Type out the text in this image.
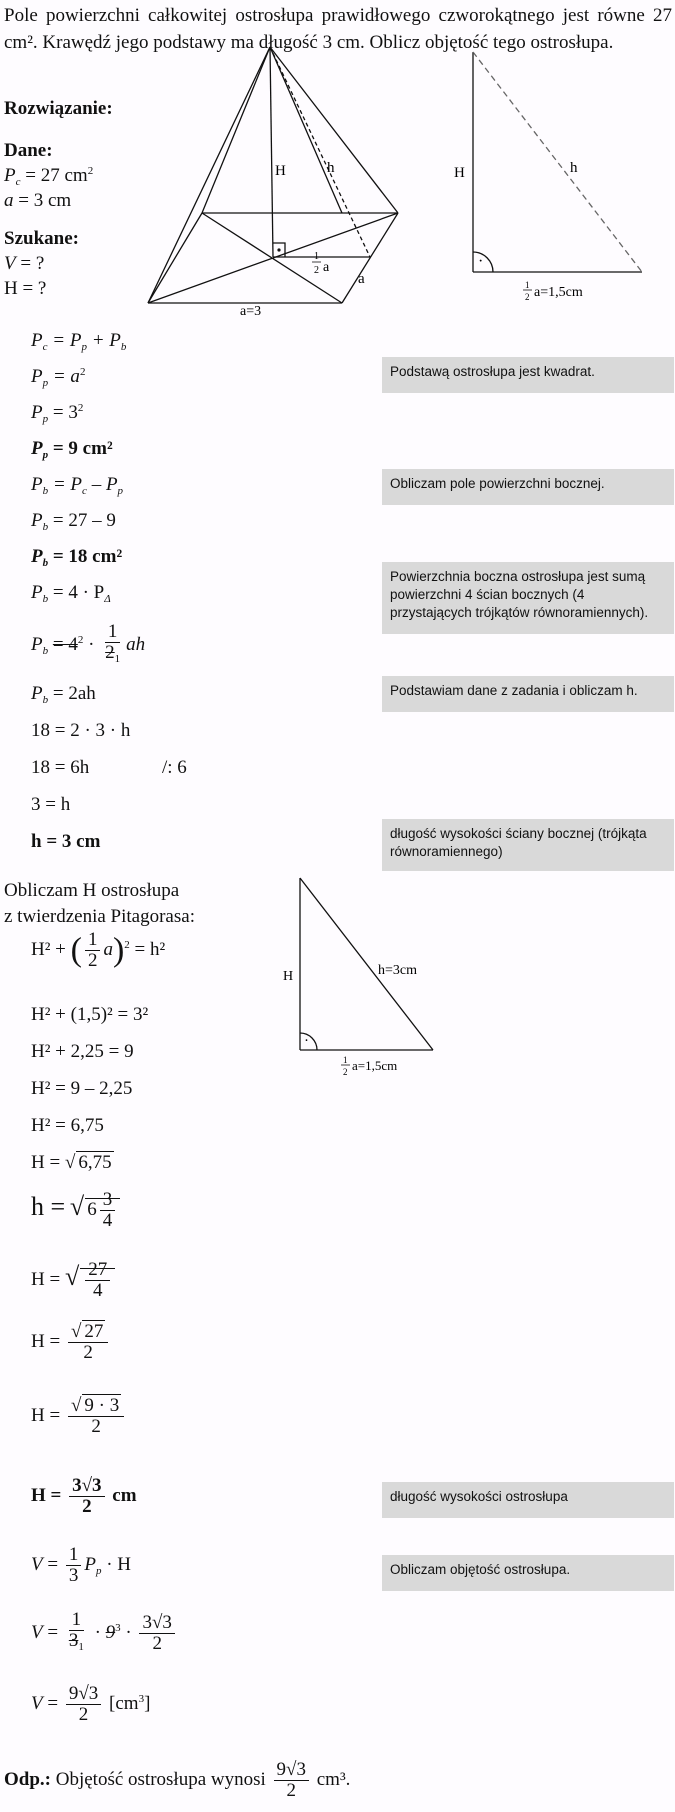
Pole powierzchni całkowitej ostrosłupa prawidłowego czworokątnego jest równe 27 cm². Krawędź jego podstawy ma długość 3 cm. Oblicz objętość tego ostrosłupa.
Rozwiązanie:
Dane:
$P_c = 27$ $cm^2$
a = 3 cm
Szukane:
V = ?
H = ?
H	h
1
2 a
a
a=3
·
H	h
1
2 a=1,5cm
$P_c = P_p + P_b$
$P_p = a^2$
$P_p = 3^2$
$P_p = 9$ cm²
$P_b = P_c - P_p$
$P_b = 27 - 9$
$P_b = 18$ cm²
$P_b = 4 \cdot P_\Delta$
$P_b = 4^2 \cdot \frac{1}{2_1}$ ah
$P_b = 2ah$
18 = 2 · 3 · h
18 = 6h	/: 6
3 = h
h = 3 cm
Podstawą ostrosłupa jest kwadrat.
Obliczam pole powierzchni bocznej.
Powierzchnia boczna ostrosłupa jest sumą powierzchni 4 ścian bocznych (4 przystających trójkątów równoramiennych).
Podstawiam dane z zadania i obliczam h.
długość wysokości ściany bocznej (trójkąta równoramiennego)
długość wysokości ostrosłupa
Obliczam objętość ostrosłupa.
Obliczam H ostrosłupa
z twierdzenia Pitagorasa:
H² + ( $\frac{1}{2} a)^2 = h^2$
H² + (1,5)² = 3²
H² + 2,25 = 9
H² = 9 – 2,25
H² = 6,75
H = √ 6,75
h = √ $6 \frac{3}{4}$
H = √ $\frac{27}{4}$
$H = \frac{√ 27}{2}$
$H = \frac{√ 9 \cdot 3}{2}$
$H = \frac{3√3}{2}$ cm
·
H	h=3cm
1
2 a=1,5cm
$V = \frac{1}{3} P_p \cdot H$
$V = \frac{1}{3_1} \cdot 9^3 \cdot \frac{3√3}{2}$
$V = \frac{9√3}{2} [cm^3]$
Odp.: Objętość ostrosłupa wynosi $\frac{9√3}{2} cm^3$.
